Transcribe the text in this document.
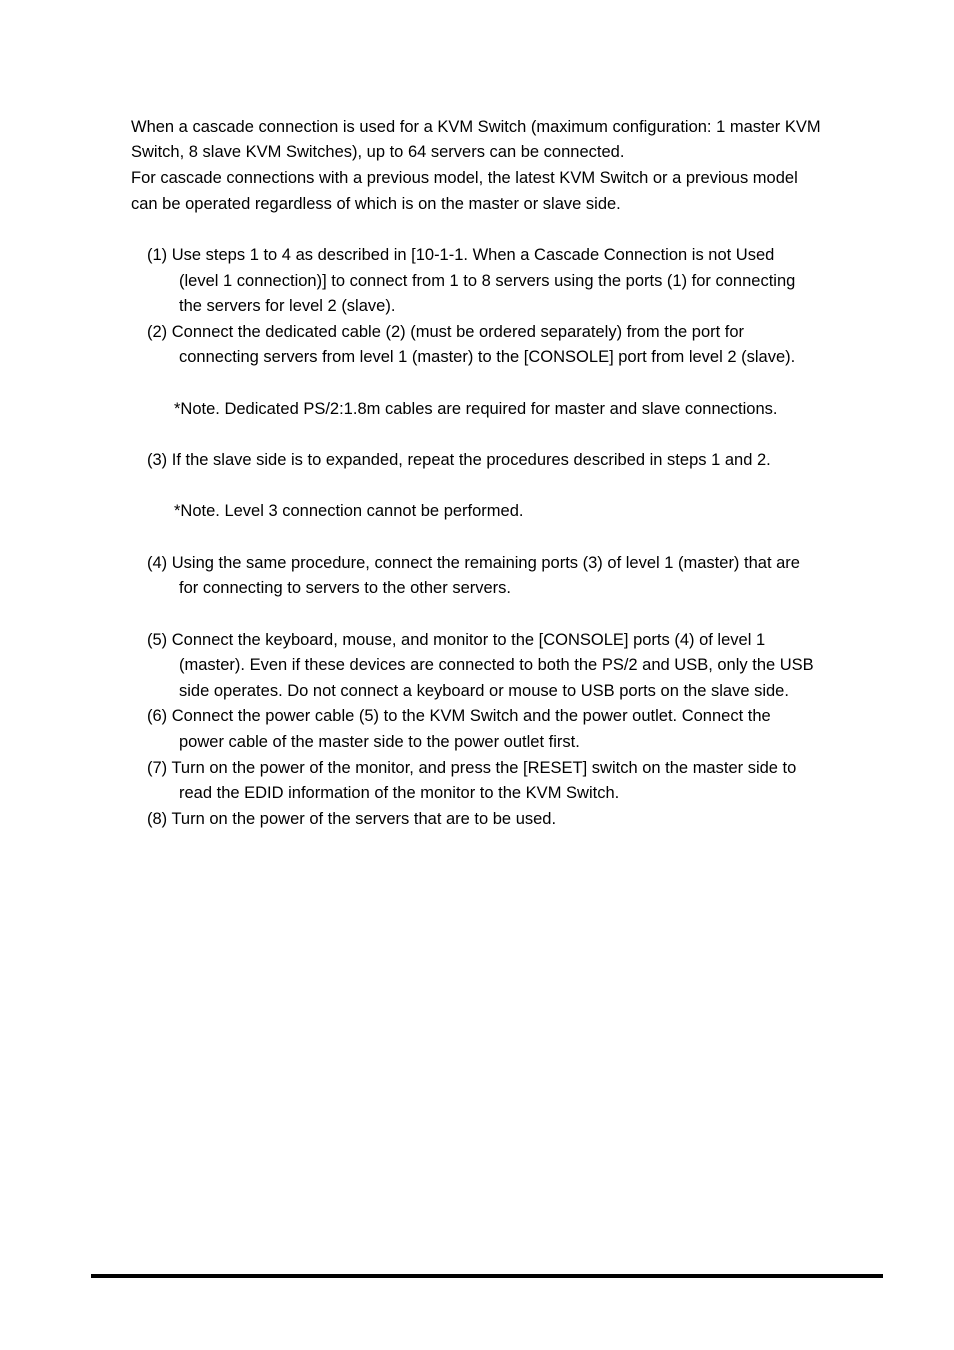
When a cascade connection is used for a KVM Switch (maximum configuration: 1 master KVM
Switch, 8 slave KVM Switches), up to 64 servers can be connected.
For cascade connections with a previous model, the latest KVM Switch or a previous model
can be operated regardless of which is on the master or slave side.
(1) Use steps 1 to 4 as described in [10-1-1. When a Cascade Connection is not Used
(level 1 connection)] to connect from 1 to 8 servers using the ports (1) for connecting
the servers for level 2 (slave).
(2) Connect the dedicated cable (2) (must be ordered separately) from the port for
connecting servers from level 1 (master) to the [CONSOLE] port from level 2 (slave).
*Note. Dedicated PS/2:1.8m cables are required for master and slave connections.
(3) If the slave side is to expanded, repeat the procedures described in steps 1 and 2.
*Note. Level 3 connection cannot be performed.
(4) Using the same procedure, connect the remaining ports (3) of level 1 (master) that are
for connecting to servers to the other servers.
(5) Connect the keyboard, mouse, and monitor to the [CONSOLE] ports (4) of level 1
(master). Even if these devices are connected to both the PS/2 and USB, only the USB
side operates. Do not connect a keyboard or mouse to USB ports on the slave side.
(6) Connect the power cable (5) to the KVM Switch and the power outlet. Connect the
power cable of the master side to the power outlet first.
(7) Turn on the power of the monitor, and press the [RESET] switch on the master side to
read the EDID information of the monitor to the KVM Switch.
(8) Turn on the power of the servers that are to be used.
